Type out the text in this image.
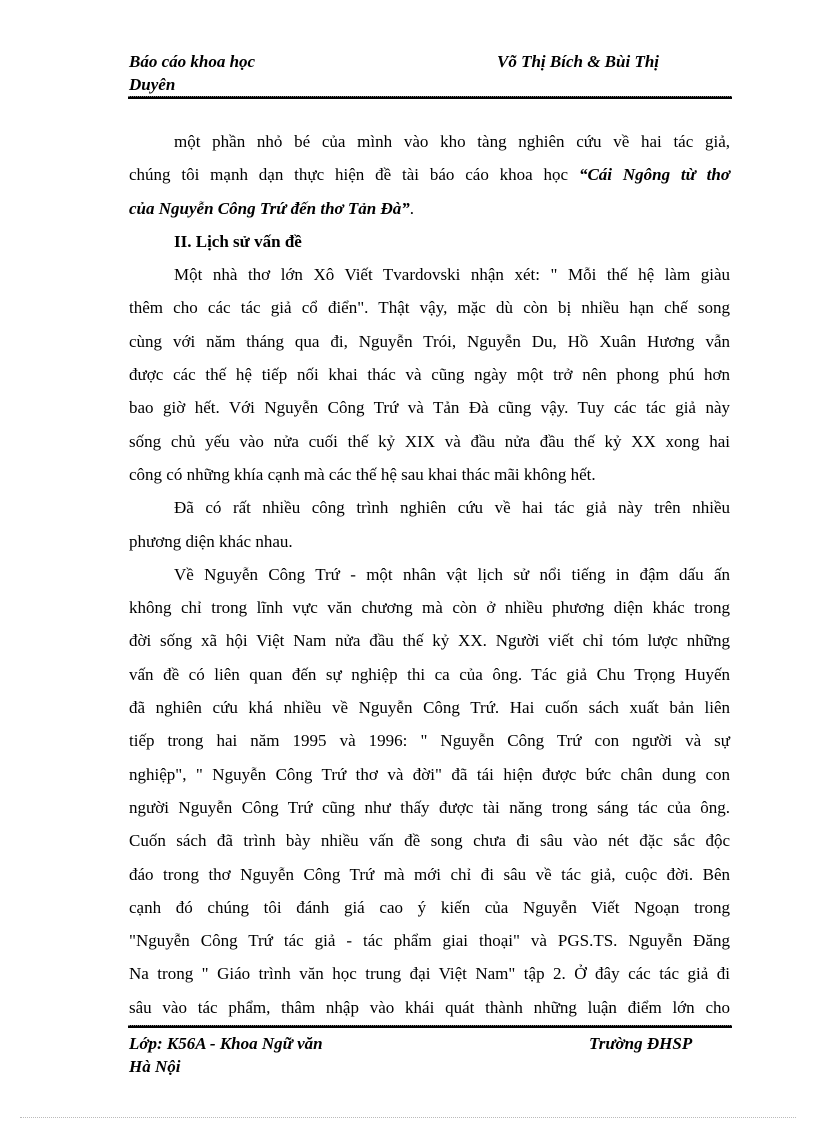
Báo cáo khoa học	Võ Thị Bích & Bùi Thị
Duyên
một phần nhỏ bé của mình vào kho tàng nghiên cứu về hai tác giả,
chúng tôi mạnh dạn thực hiện đề tài báo cáo khoa học “Cái Ngông từ thơ
của Nguyễn Công Trứ đến thơ Tản Đà”.
II. Lịch sử vấn đề
Một nhà thơ lớn Xô Viết Tvardovski nhận xét: " Mỗi thế hệ làm giàu
thêm cho các tác giả cổ điển". Thật vậy, mặc dù còn bị nhiều hạn chế song
cùng với năm tháng qua đi, Nguyễn Trói, Nguyễn Du, Hồ Xuân Hương vẫn
được các thế hệ tiếp nối khai thác và cũng ngày một trở nên phong phú hơn
bao giờ hết. Với Nguyễn Công Trứ và Tản Đà cũng vậy. Tuy các tác giả này
sống chủ yếu vào nửa cuối thế kỷ XIX và đầu nửa đầu thế kỷ XX xong hai
công có những khía cạnh mà các thế hệ sau khai thác mãi không hết.
Đã có rất nhiều công trình nghiên cứu về hai tác giả này trên nhiều
phương diện khác nhau.
Về Nguyễn Công Trứ - một nhân vật lịch sử nổi tiếng in đậm dấu ấn
không chỉ trong lĩnh vực văn chương mà còn ở nhiều phương diện khác trong
đời sống xã hội Việt Nam nửa đầu thế kỷ XX. Người viết chỉ tóm lược những
vấn đề có liên quan đến sự nghiệp thi ca của ông. Tác giả Chu Trọng Huyến
đã nghiên cứu khá nhiều về Nguyễn Công Trứ. Hai cuốn sách xuất bản liên
tiếp trong hai năm 1995 và 1996: " Nguyễn Công Trứ con người và sự
nghiệp", " Nguyễn Công Trứ thơ và đời" đã tái hiện được bức chân dung con
người Nguyễn Công Trứ cũng như thấy được tài năng trong sáng tác của ông.
Cuốn sách đã trình bày nhiều vấn đề song chưa đi sâu vào nét đặc sắc độc
đáo trong thơ Nguyễn Công Trứ mà mới chỉ đi sâu về tác giả, cuộc đời. Bên
cạnh đó chúng tôi đánh giá cao ý kiến của Nguyễn Viết Ngoạn trong
"Nguyễn Công Trứ tác giả - tác phẩm giai thoại" và PGS.TS. Nguyễn Đăng
Na trong " Giáo trình văn học trung đại Việt Nam" tập 2. Ở đây các tác giả đi
sâu vào tác phẩm, thâm nhập vào khái quát thành những luận điểm lớn cho
Lớp: K56A - Khoa Ngữ văn	Trường ĐHSP
Hà Nội
